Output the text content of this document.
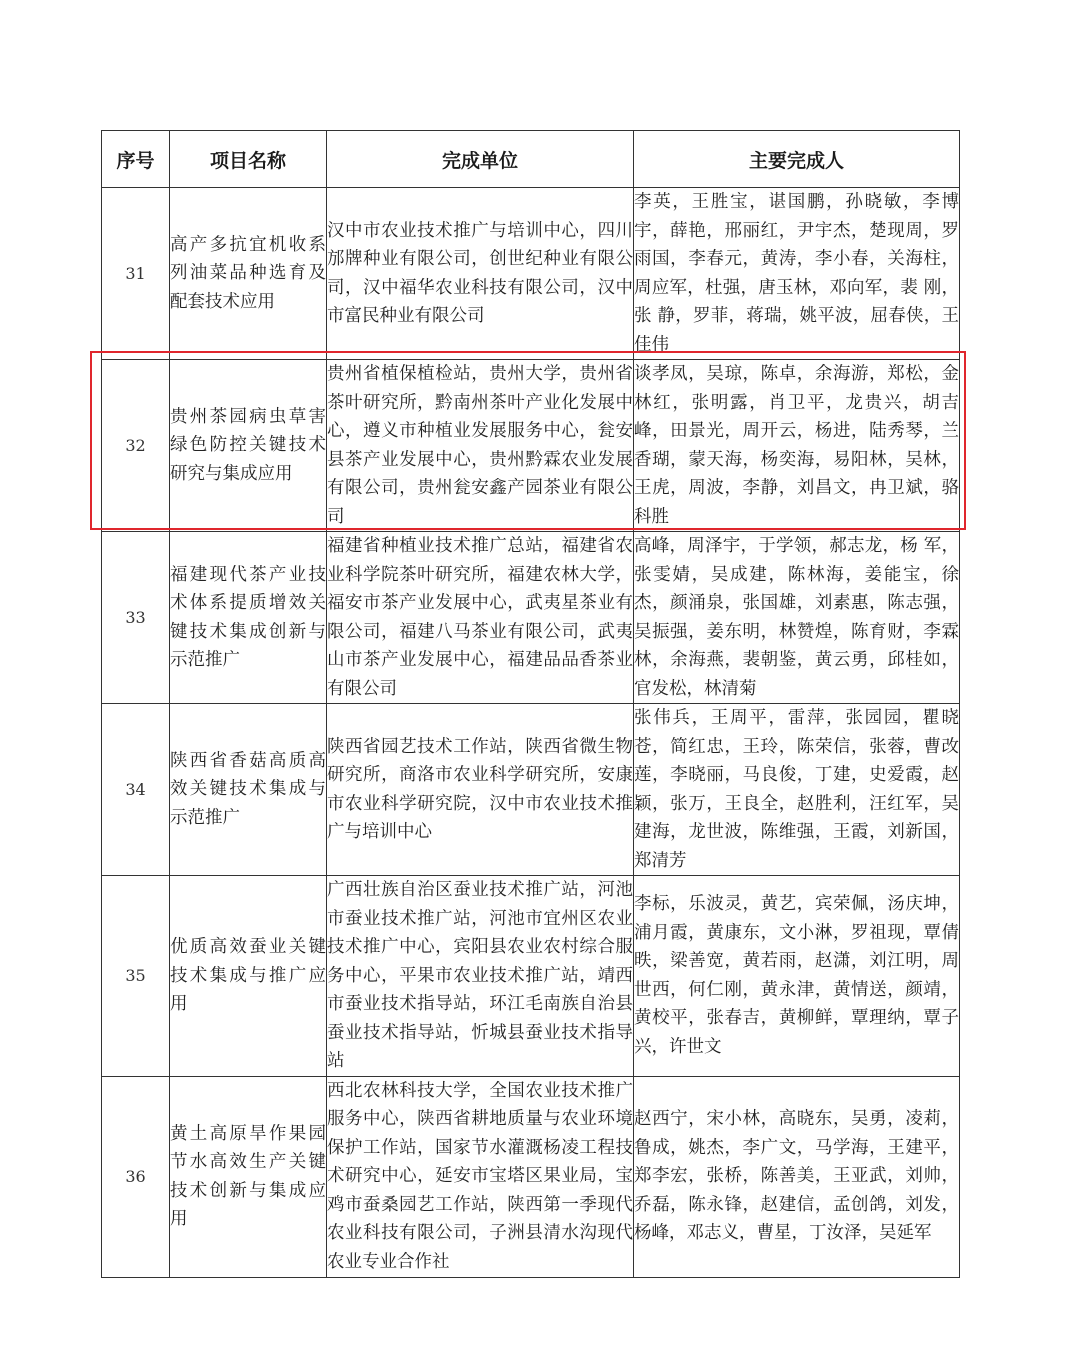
序号	项目名称	完成单位	主要完成人
31	高产多抗宜机收系列油菜品种选育及配套技术应用	汉中市农业技术推广与培训中心，四川邡牌种业有限公司，创世纪种业有限公司，汉中福华农业科技有限公司，汉中市富民种业有限公司	李英，王胜宝，谌国鹏，孙晓敏，李博宇，薛艳，邢丽红，尹宇杰，楚现周，罗雨国，李春元，黄涛，李小春，关海柱，周应军，杜强，唐玉林，邓向军，裴 刚，张 静，罗菲，蒋瑞，姚平波，屈春侠，王佳伟
32	贵州茶园病虫草害绿色防控关键技术研究与集成应用	贵州省植保植检站，贵州大学，贵州省茶叶研究所，黔南州茶叶产业化发展中心，遵义市种植业发展服务中心，瓮安县茶产业发展中心，贵州黔霖农业发展有限公司，贵州瓮安鑫产园茶业有限公司	谈孝凤，吴琼，陈卓，余海游，郑松，金林红，张明露，肖卫平，龙贵兴，胡吉峰，田景光，周开云，杨进，陆秀琴，兰香瑚，蒙天海，杨奕海，易阳林，吴林，王虎，周波，李静，刘昌文，冉卫斌，骆科胜
33	福建现代茶产业技术体系提质增效关键技术集成创新与示范推广	福建省种植业技术推广总站，福建省农业科学院茶叶研究所，福建农林大学，福安市茶产业发展中心，武夷星茶业有限公司，福建八马茶业有限公司，武夷山市茶产业发展中心，福建品品香茶业有限公司	高峰，周泽宇，于学领，郝志龙，杨 军，张雯婧，吴成建，陈林海，姜能宝，徐杰，颜涌泉，张国雄，刘素惠，陈志强，吴振强，姜东明，林赞煌，陈育财，李霖林，余海燕，裴朝鉴，黄云勇，邱桂如，官发松，林清菊
34	陕西省香菇高质高效关键技术集成与示范推广	陕西省园艺技术工作站，陕西省微生物研究所，商洛市农业科学研究所，安康市农业科学研究院，汉中市农业技术推广与培训中心	张伟兵，王周平，雷萍，张园园，瞿晓苍，简红忠，王玲，陈荣信，张蓉，曹改莲，李晓丽，马良俊，丁建，史爱霞，赵颖，张万，王良全，赵胜利，汪红军，吴建海，龙世波，陈维强，王霞，刘新国，郑清芳
35	优质高效蚕业关键技术集成与推广应用	广西壮族自治区蚕业技术推广站，河池市蚕业技术推广站，河池市宜州区农业技术推广中心，宾阳县农业农村综合服务中心，平果市农业技术推广站，靖西市蚕业技术指导站，环江毛南族自治县蚕业技术指导站，忻城县蚕业技术指导站	李标，乐波灵，黄艺，宾荣佩，汤庆坤，浦月霞，黄康东，文小淋，罗祖现，覃倩昳，梁善宽，黄若雨，赵潇，刘江明，周世西，何仁刚，黄永津，黄情送，颜靖，黄校平，张春吉，黄柳鲜，覃理纳，覃子兴，许世文
36	黄土高原旱作果园节水高效生产关键技术创新与集成应用	西北农林科技大学，全国农业技术推广服务中心，陕西省耕地质量与农业环境保护工作站，国家节水灌溉杨凌工程技术研究中心，延安市宝塔区果业局，宝鸡市蚕桑园艺工作站，陕西第一季现代农业科技有限公司，子洲县清水沟现代农业专业合作社	赵西宁，宋小林，高晓东，吴勇，凌莉，鲁成，姚杰，李广文，马学海，王建平，郑李宏，张桥，陈善美，王亚武，刘帅，乔磊，陈永锋，赵建信，孟创鸽，刘发，杨峰，邓志义，曹星，丁汝泽，吴延军
